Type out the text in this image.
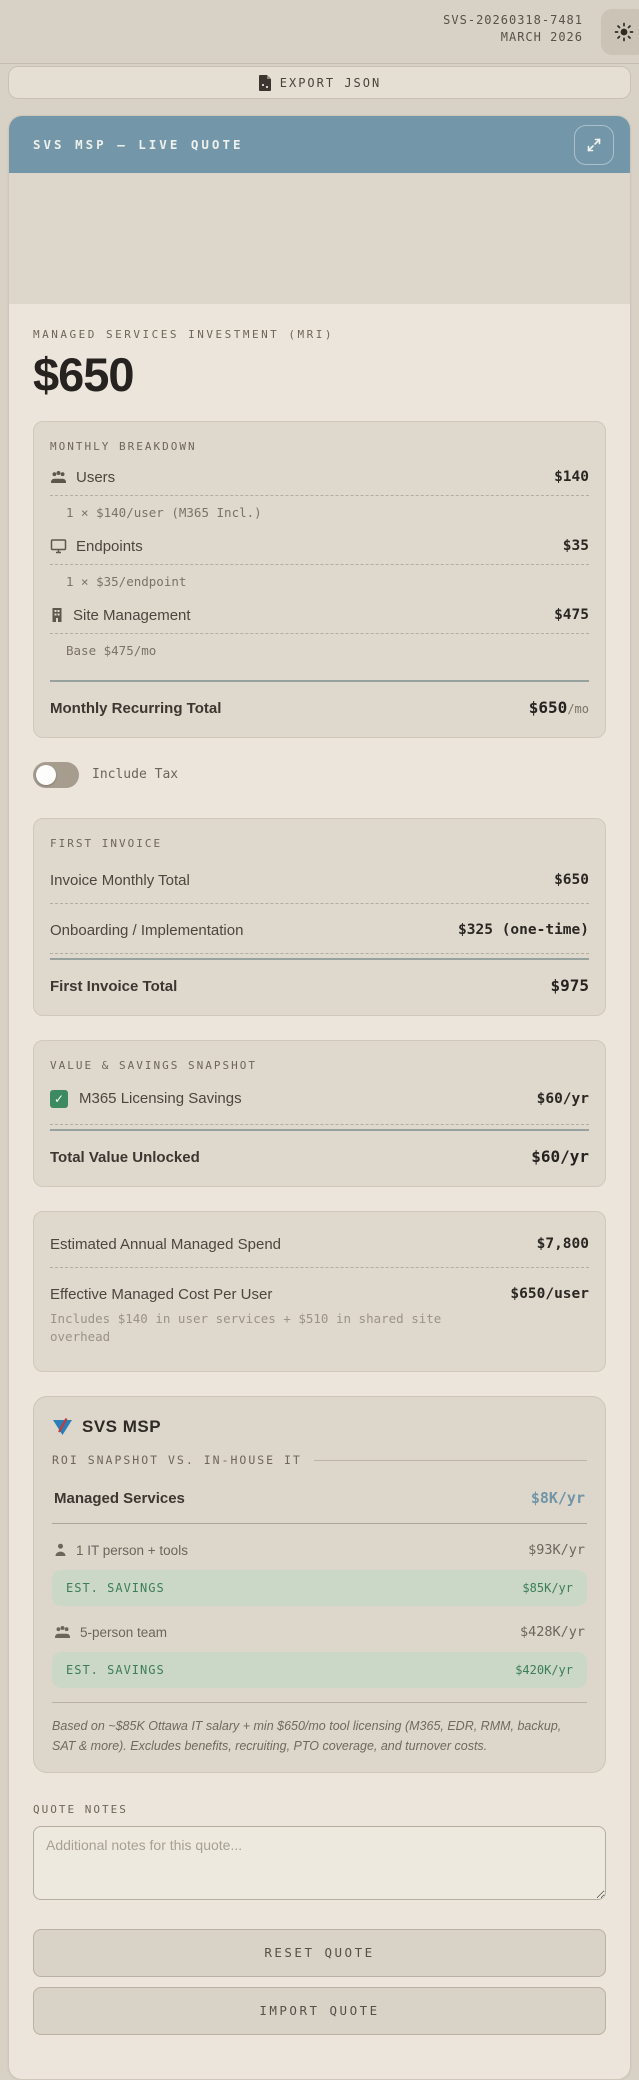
SVS-20260318-7481
MARCH 2026
EXPORT JSON
SVS MSP — LIVE QUOTE
MANAGED SERVICES INVESTMENT (MRI)
$650
MONTHLY BREAKDOWN
Users	$140
1 × $140/user (M365 Incl.)
Endpoints	$35
1 × $35/endpoint
Site Management	$475
Base $475/mo
Monthly Recurring Total	$650 /mo
Include Tax
FIRST INVOICE
Invoice Monthly Total	$650
Onboarding / Implementation	$325 (one-time)
First Invoice Total	$975
VALUE & SAVINGS SNAPSHOT
✓ M365 Licensing Savings	$60/yr
Total Value Unlocked	$60/yr
Estimated Annual Managed Spend	$7,800
Effective Managed Cost Per User	$650/user
Includes $140 in user services + $510 in shared site overhead
SVS MSP
ROI SNAPSHOT VS. IN-HOUSE IT
Managed Services	$8K/yr
1 IT person + tools	$93K/yr
EST. SAVINGS	$85K/yr
5-person team	$428K/yr
EST. SAVINGS	$420K/yr
Based on ~$85K Ottawa IT salary + min $650/mo tool licensing (M365, EDR, RMM, backup, SAT & more). Excludes benefits, recruiting, PTO coverage, and turnover costs.
QUOTE NOTES
Additional notes for this quote...
RESET QUOTE
IMPORT QUOTE
